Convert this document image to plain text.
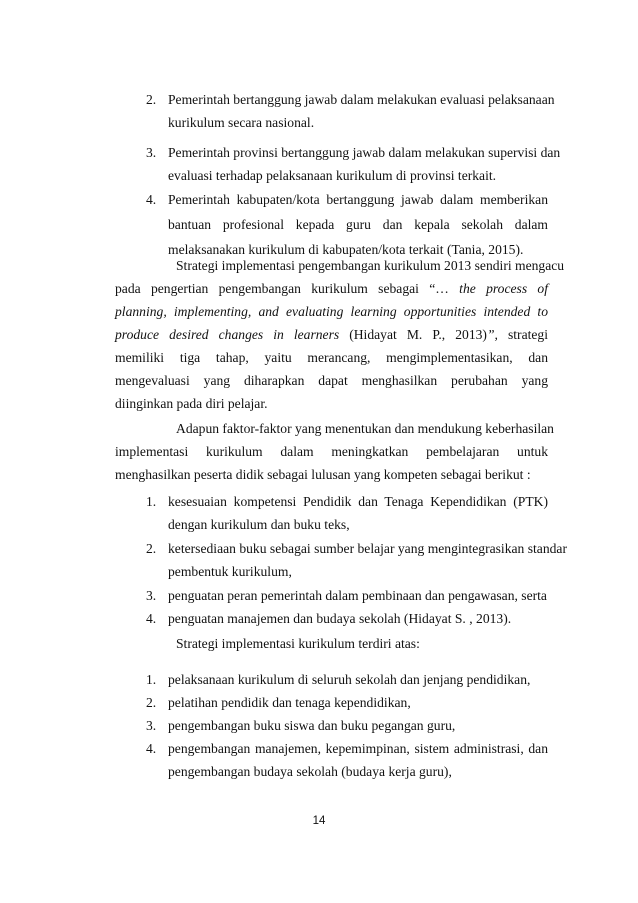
2. Pemerintah bertanggung jawab dalam melakukan evaluasi pelaksanaan
kurikulum secara nasional.
3. Pemerintah provinsi bertanggung jawab dalam melakukan supervisi dan
evaluasi terhadap pelaksanaan kurikulum di provinsi terkait.
4. Pemerintah kabupaten/kota bertanggung jawab dalam memberikan
bantuan profesional kepada guru dan kepala sekolah dalam
melaksanakan kurikulum di kabupaten/kota terkait (Tania, 2015).
Strategi implementasi pengembangan kurikulum 2013 sendiri mengacu
pada pengertian pengembangan kurikulum sebagai “… the process of
planning, implementing, and evaluating learning opportunities intended to
produce desired changes in learners (Hidayat M. P., 2013)”, strategi
memiliki tiga tahap, yaitu merancang, mengimplementasikan, dan
mengevaluasi yang diharapkan dapat menghasilkan perubahan yang
diinginkan pada diri pelajar.
Adapun faktor-faktor yang menentukan dan mendukung keberhasilan
implementasi kurikulum dalam meningkatkan pembelajaran untuk
menghasilkan peserta didik sebagai lulusan yang kompeten sebagai berikut :
1. kesesuaian kompetensi Pendidik dan Tenaga Kependidikan (PTK)
dengan kurikulum dan buku teks,
2. ketersediaan buku sebagai sumber belajar yang mengintegrasikan standar
pembentuk kurikulum,
3. penguatan peran pemerintah dalam pembinaan dan pengawasan, serta
4. penguatan manajemen dan budaya sekolah (Hidayat S. , 2013).
Strategi implementasi kurikulum terdiri atas:
1. pelaksanaan kurikulum di seluruh sekolah dan jenjang pendidikan,
2. pelatihan pendidik dan tenaga kependidikan,
3. pengembangan buku siswa dan buku pegangan guru,
4. pengembangan manajemen, kepemimpinan, sistem administrasi, dan
pengembangan budaya sekolah (budaya kerja guru),
14
